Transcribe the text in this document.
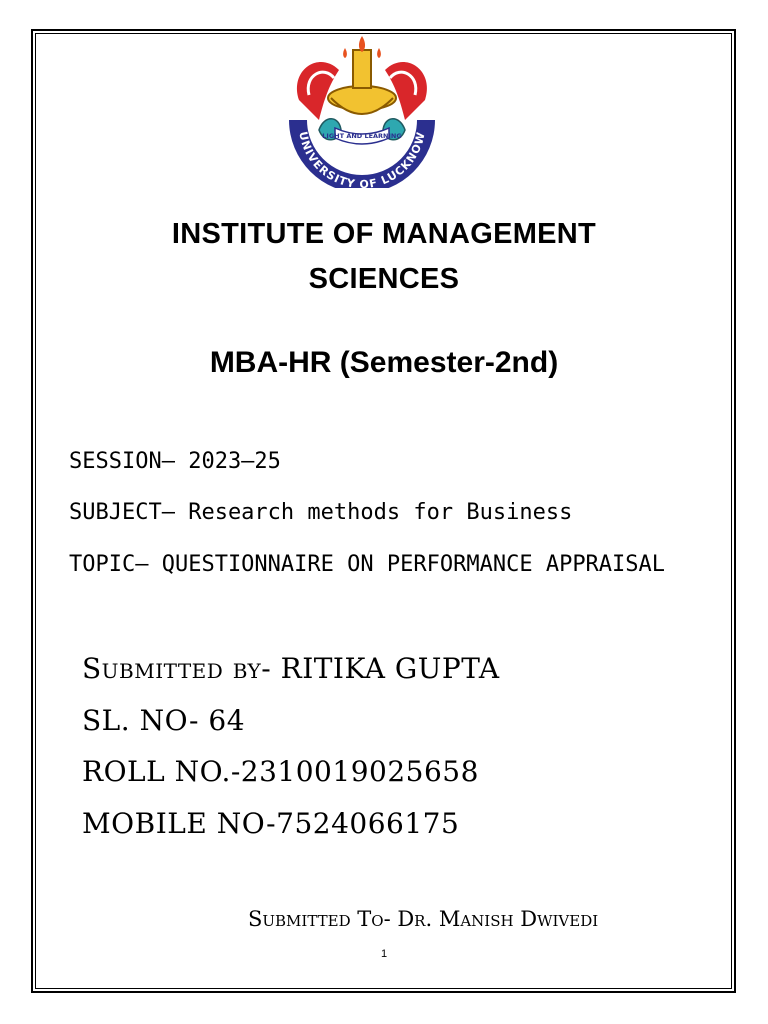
UNIVERSITY OF LUCKNOW
LIGHT AND LEARNING
INSTITUTE OF MANAGEMENT
SCIENCES
MBA-HR (Semester-2nd)
SESSION– 2023–25
SUBJECT– Research methods for Business
TOPIC– QUESTIONNAIRE ON PERFORMANCE APPRAISAL
Submitted by- RITIKA GUPTA
SL. NO- 64
ROLL NO.-2310019025658
MOBILE NO-7524066175
Submitted To- Dr. Manish Dwivedi
1
